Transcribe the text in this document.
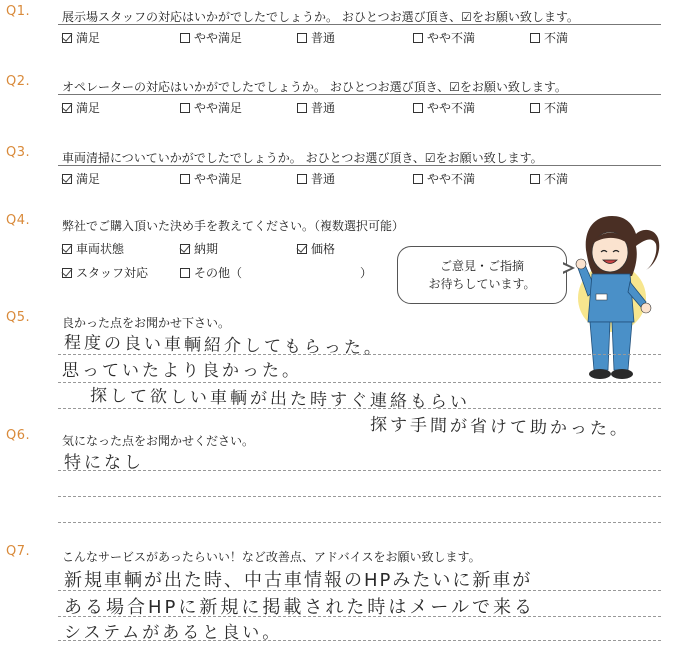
Q1.	展示場スタッフの対応はいかがでしたでしょうか。 おひとつお選び頂き、☑をお願い致します。
満足	やや満足	普通	やや不満	不満
Q2.	オペレーターの対応はいかがでしたでしょうか。 おひとつお選び頂き、☑をお願い致します。
満足	やや満足	普通	やや不満	不満
Q3.	車両清掃についていかがでしたでしょうか。 おひとつお選び頂き、☑をお願い致します。
満足	やや満足	普通	やや不満	不満
Q4.	弊社でご購入頂いた決め手を教えてください。（複数選択可能）
車両状態	納期	価格
スタッフ対応	その他（	）	ご意見・ご指摘
お待ちしています。
Q5.	良かった点をお聞かせ下さい。
程度の良い車輌紹介してもらった。
思っていたより良かった。
探して欲しい車輌が出た時すぐ連絡もらい
探す手間が省けて助かった。
Q6.	気になった点をお聞かせください。
特になし
Q7.	こんなサービスがあったらいい！など改善点、アドバイスをお願い致します。
新規車輌が出た時、中古車情報のHPみたいに新車が
ある場合HPに新規に掲載された時はメールで来る
システムがあると良い。
